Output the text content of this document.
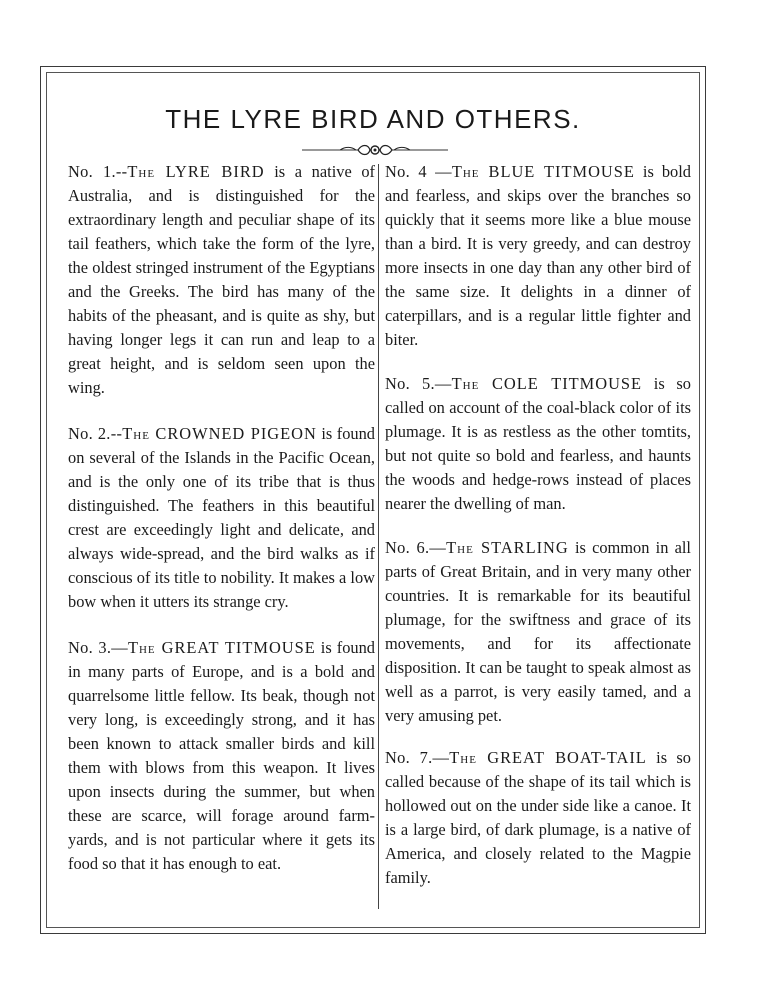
THE LYRE BIRD AND OTHERS.

No. 1.--The LYRE BIRD is a native of Australia, and is distinguished for the extraordinary length and peculiar shape of its tail feathers, which take the form of the lyre, the oldest stringed instrument of the Egyptians and the Greeks. The bird has many of the habits of the pheasant, and is quite as shy, but having longer legs it can run and leap to a great height, and is seldom seen upon the wing.

No. 2.--The CROWNED PIGEON is found on several of the Islands in the Pacific Ocean, and is the only one of its tribe that is thus distinguished. The feathers in this beautiful crest are exceedingly light and delicate, and always wide-spread, and the bird walks as if conscious of its title to nobility. It makes a low bow when it utters its strange cry.

No. 3.—The GREAT TITMOUSE is found in many parts of Europe, and is a bold and quarrelsome little fellow. Its beak, though not very long, is exceedingly strong, and it has been known to attack smaller birds and kill them with blows from this weapon. It lives upon insects during the summer, but when these are scarce, will forage around farm-yards, and is not particular where it gets its food so that it has enough to eat.

No. 4 —The BLUE TITMOUSE is bold and fearless, and skips over the branches so quickly that it seems more like a blue mouse than a bird. It is very greedy, and can destroy more insects in one day than any other bird of the same size. It delights in a dinner of caterpillars, and is a regular little fighter and biter.

No. 5.—The COLE TITMOUSE is so called on account of the coal-black color of its plumage. It is as restless as the other tomtits, but not quite so bold and fearless, and haunts the woods and hedge-rows instead of places nearer the dwelling of man.

No. 6.—The STARLING is common in all parts of Great Britain, and in very many other countries. It is remarkable for its beautiful plumage, for the swiftness and grace of its movements, and for its affectionate disposition. It can be taught to speak almost as well as a parrot, is very easily tamed, and a very amusing pet.

No. 7.—The GREAT BOAT-TAIL is so called because of the shape of its tail which is hollowed out on the under side like a canoe. It is a large bird, of dark plumage, is a native of America, and closely related to the Magpie family.
